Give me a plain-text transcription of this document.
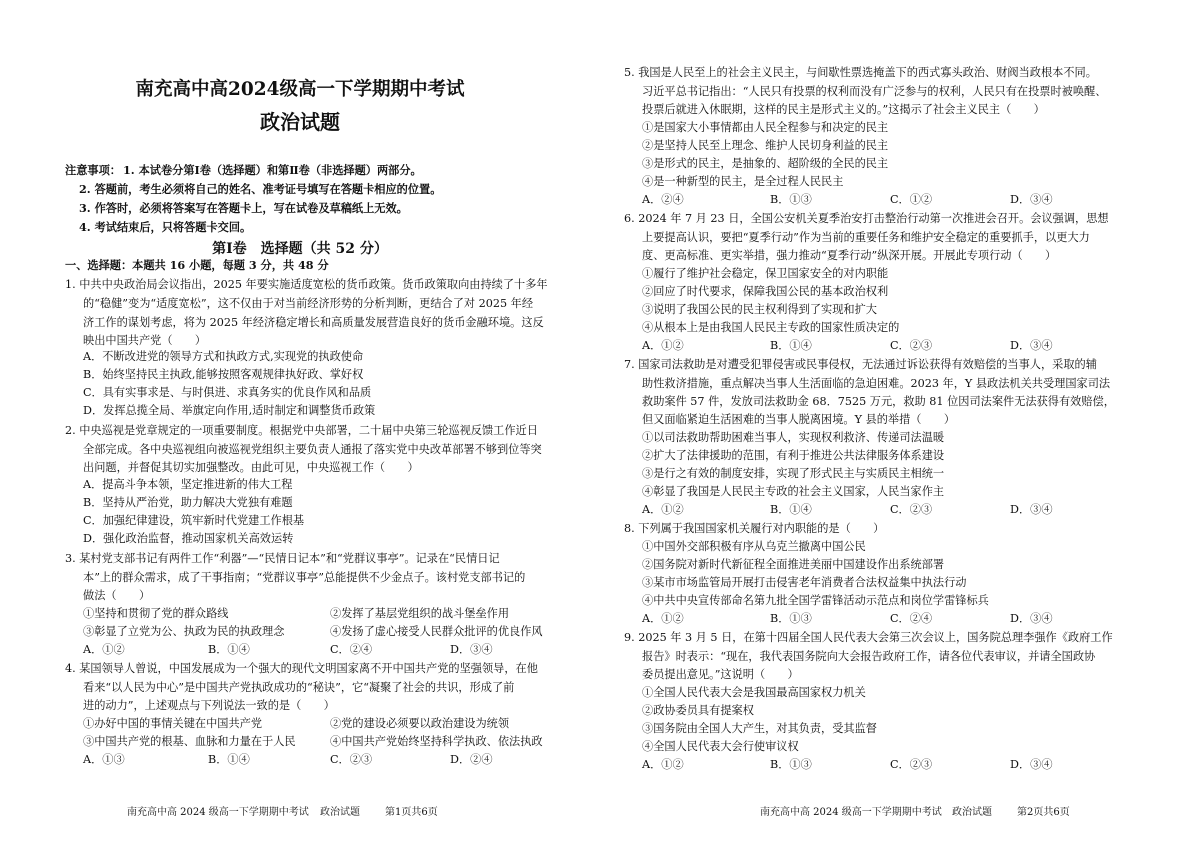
南充高中高2024级高一下学期期中考试
政治试题
注意事项： 1. 本试卷分第Ⅰ卷（选择题）和第Ⅱ卷（非选择题）两部分。
2. 答题前，考生必须将自己的姓名、准考证号填写在答题卡相应的位置。
3. 作答时，必须将答案写在答题卡上，写在试卷及草稿纸上无效。
4. 考试结束后，只将答题卡交回。
第Ⅰ卷　选择题（共 52 分）
一、选择题：本题共 16 小题，每题 3 分，共 48 分
1. 中共中央政治局会议指出，2025 年要实施适度宽松的货币政策。货币政策取向由持续了十多年
的“稳健”变为“适度宽松”，这不仅由于对当前经济形势的分析判断，更结合了对 2025 年经
济工作的谋划考虑，将为 2025 年经济稳定增长和高质量发展营造良好的货币金融环境。这反
映出中国共产党（　　）
A．不断改进党的领导方式和执政方式,实现党的执政使命
B．始终坚持民主执政,能够按照客观规律执好政、掌好权
C．具有实事求是、与时俱进、求真务实的优良作风和品质
D．发挥总揽全局、举旗定向作用,适时制定和调整货币政策
2. 中央巡视是党章规定的一项重要制度。根据党中央部署，二十届中央第三轮巡视反馈工作近日
全部完成。各中央巡视组向被巡视党组织主要负责人通报了落实党中央改革部署不够到位等突
出问题，并督促其切实加强整改。由此可见，中央巡视工作（　　）
A．提高斗争本领，坚定推进新的伟大工程
B．坚持从严治党，助力解决大党独有难题
C．加强纪律建设，筑牢新时代党建工作根基
D．强化政治监督，推动国家机关高效运转
3. 某村党支部书记有两件工作“利器”—“民情日记本”和“党群议事亭”。记录在“民情日记
本”上的群众需求，成了干事指南；“党群议事亭”总能提供不少金点子。该村党支部书记的
做法（　　）
①坚持和贯彻了党的群众路线	②发挥了基层党组织的战斗堡垒作用
③彰显了立党为公、执政为民的执政理念	④发扬了虚心接受人民群众批评的优良作风
A．①②	B．①④	C．②④	D．③④
4. 某国领导人曾说，中国发展成为一个强大的现代文明国家离不开中国共产党的坚强领导，在他
看来“以人民为中心”是中国共产党执政成功的“秘诀”，它“凝聚了社会的共识，形成了前
进的动力”，上述观点与下列说法一致的是（　　）
①办好中国的事情关键在中国共产党	②党的建设必须要以政治建设为统领
③中国共产党的根基、血脉和力量在于人民	④中国共产党始终坚持科学执政、依法执政
A．①③	B．①④	C．②③	D．②④
南充高中高 2024 级高一下学期期中考试 政治试题	第1页共6页
5. 我国是人民至上的社会主义民主，与间歇性票选掩盖下的西式寡头政治、财阀当政根本不同。
习近平总书记指出：“人民只有投票的权利而没有广泛参与的权利，人民只有在投票时被唤醒、
投票后就进入休眠期，这样的民主是形式主义的。”这揭示了社会主义民主（　　）
①是国家大小事情都由人民全程参与和决定的民主
②是坚持人民至上理念、维护人民切身利益的民主
③是形式的民主，是抽象的、超阶级的全民的民主
④是一种新型的民主，是全过程人民民主
A．②④	B．①③	C．①②	D．③④
6. 2024 年 7 月 23 日，全国公安机关夏季治安打击整治行动第一次推进会召开。会议强调，思想
上要提高认识，要把“夏季行动”作为当前的重要任务和维护安全稳定的重要抓手，以更大力
度、更高标准、更实举措，强力推动“夏季行动”纵深开展。开展此专项行动（　　）
①履行了维护社会稳定，保卫国家安全的对内职能
②回应了时代要求，保障我国公民的基本政治权利
③说明了我国公民的民主权利得到了实现和扩大
④从根本上是由我国人民民主专政的国家性质决定的
A．①②	B．①④	C．②③	D．③④
7. 国家司法救助是对遭受犯罪侵害或民事侵权，无法通过诉讼获得有效赔偿的当事人，采取的辅
助性救济措施，重点解决当事人生活面临的急迫困难。2023 年，Y 县政法机关共受理国家司法
救助案件 57 件，发放司法救助金 68．7525 万元，救助 81 位因司法案件无法获得有效赔偿，
但又面临紧迫生活困难的当事人脱离困境。Y 县的举措（　　）
①以司法救助帮助困难当事人，实现权利救济、传递司法温暖
②扩大了法律援助的范围，有利于推进公共法律服务体系建设
③是行之有效的制度安排，实现了形式民主与实质民主相统一
④彰显了我国是人民民主专政的社会主义国家，人民当家作主
A．①②	B．①④	C．②③	D．③④
8. 下列属于我国国家机关履行对内职能的是（　　）
①中国外交部积极有序从乌克兰撤离中国公民
②国务院对新时代新征程全面推进美丽中国建设作出系统部署
③某市市场监管局开展打击侵害老年消费者合法权益集中执法行动
④中共中央宣传部命名第九批全国学雷锋活动示范点和岗位学雷锋标兵
A．①②	B．①③	C．②④	D．③④
9. 2025 年 3 月 5 日，在第十四届全国人民代表大会第三次会议上，国务院总理李强作《政府工作
报告》时表示：“现在，我代表国务院向大会报告政府工作，请各位代表审议，并请全国政协
委员提出意见。”这说明（　　）
①全国人民代表大会是我国最高国家权力机关
②政协委员具有提案权
③国务院由全国人大产生，对其负责，受其监督
④全国人民代表大会行使审议权
A．①②	B．①③	C．②③	D．③④
南充高中高 2024 级高一下学期期中考试 政治试题	第2页共6页
